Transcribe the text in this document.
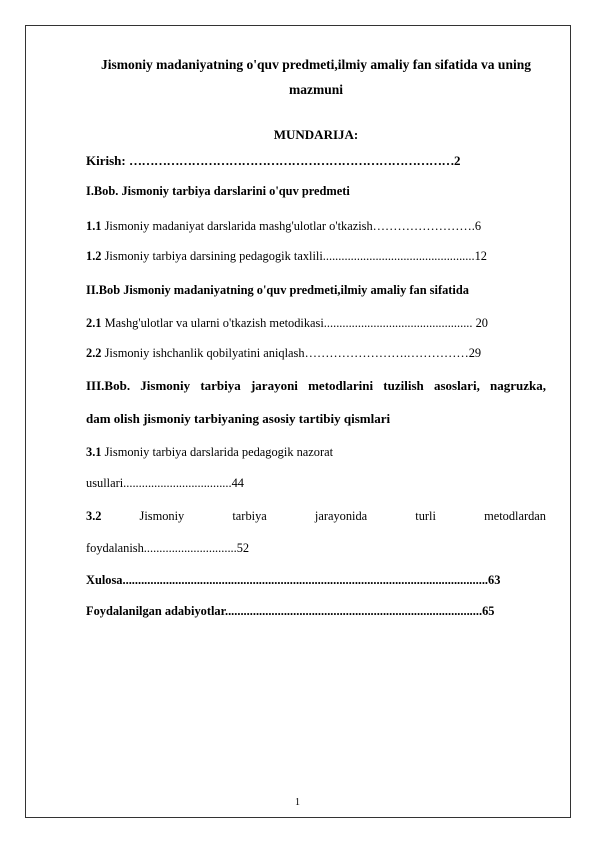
Jismoniy madaniyatning o'quv predmeti,ilmiy amaliy fan sifatida va uning
mazmuni
MUNDARIJA:
Kirish: ……………………………………………………………………2
I.Bob. Jismoniy tarbiya darslarini o'quv predmeti
1.1 Jismoniy madaniyat darslarida mashg'ulotlar o'tkazish…………………….6
1.2 Jismoniy tarbiya darsining pedagogik taxlili.................................................12
II.Bob Jismoniy madaniyatning o'quv predmeti,ilmiy amaliy fan sifatida
2.1 Mashg'ulotlar va ularni o'tkazish metodikasi................................................ 20
2.2 Jismoniy ishchanlik qobilyatini aniqlash…………………….……………29
III.Bob. Jismoniy tarbiya jarayoni metodlarini tuzilish asoslari, nagruzka,
dam olish jismoniy tarbiyaning asosiy tartibiy qismlari
3.1 Jismoniy tarbiya darslarida pedagogik nazorat
usullari...................................44
3.2	Jismoniy tarbiya jarayonida turli metodlardan
foydalanish..............................52
Xulosa......................................................................................................................63
Foydalanilgan adabiyotlar...................................................................................65
1
